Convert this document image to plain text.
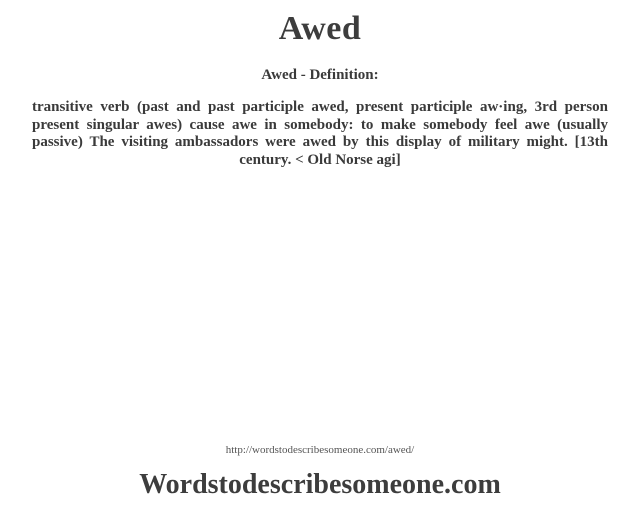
Awed
Awed - Definition:
transitive verb (past and past participle awed, present participle aw·ing, 3rd person present singular awes) cause awe in somebody: to make somebody feel awe (usually passive) The visiting ambassadors were awed by this display of military might. [13th century. < Old Norse agi]
http://wordstodescribesomeone.com/awed/
Wordstodescribesomeone.com
